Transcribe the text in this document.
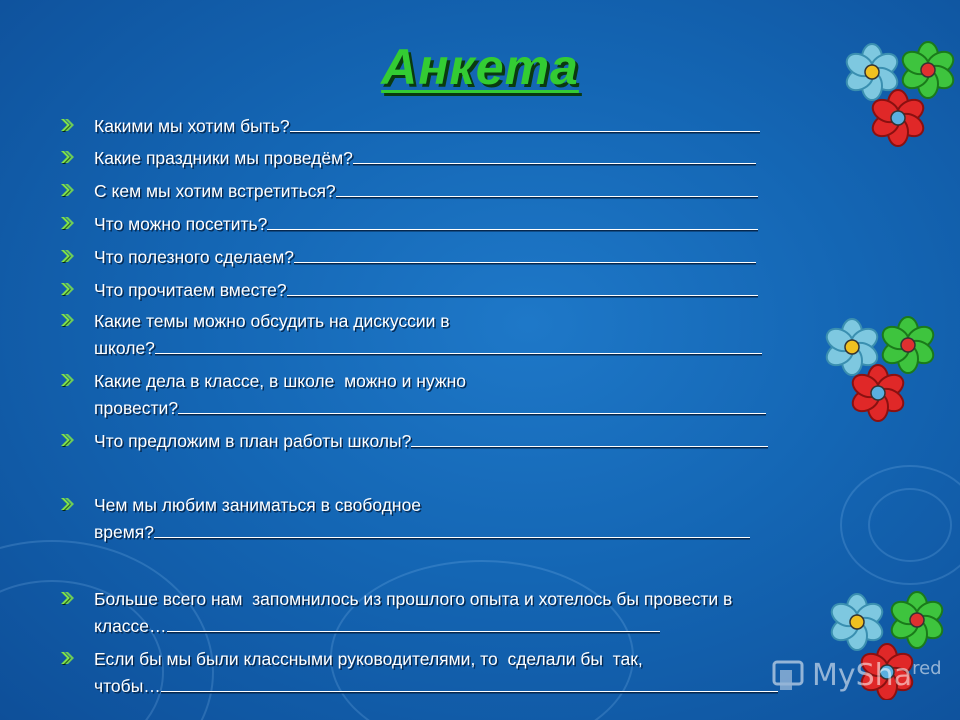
Анкета
Какими мы хотим быть?
Какие праздники мы проведём?
С кем мы хотим встретиться?
Что можно посетить?
Что полезного сделаем?
Что прочитаем вместе?
Какие темы можно обсудить на дискуссии в
школе?
Какие дела в классе, в школе  можно и нужно
провести?
Что предложим в план работы школы?
Чем мы любим заниматься в свободное
время?
Больше всего нам  запомнилось из прошлого опыта и хотелось бы провести в
классе…
Если бы мы были классными руководителями, то  сделали бы  так,
чтобы…	MySha$^{red}$
